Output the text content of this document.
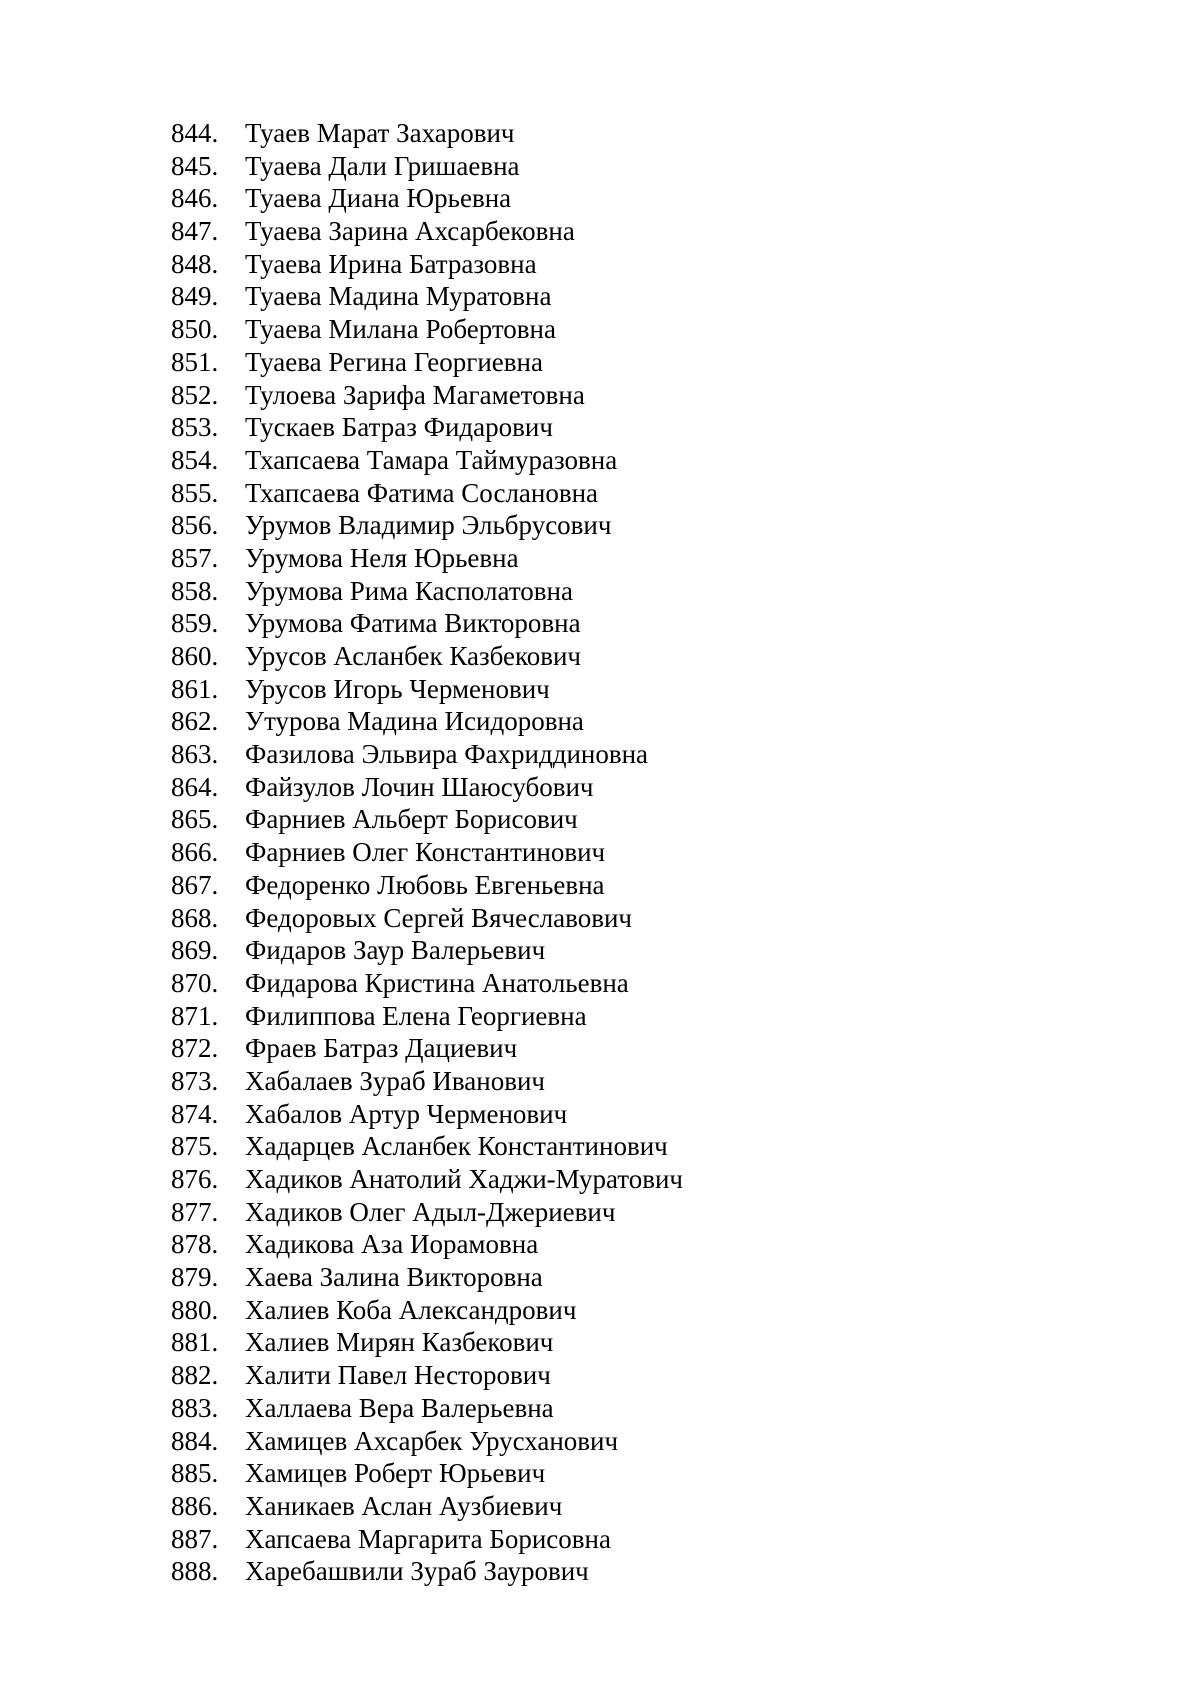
844. Туаев Марат Захарович
845. Туаева Дали Гришаевна
846. Туаева Диана Юрьевна
847. Туаева Зарина Ахсарбековна
848. Туаева Ирина Батразовна
849. Туаева Мадина Муратовна
850. Туаева Милана Робертовна
851. Туаева Регина Георгиевна
852. Тулоева Зарифа Магаметовна
853. Тускаев Батраз Фидарович
854. Тхапсаева Тамара Таймуразовна
855. Тхапсаева Фатима Сослановна
856. Урумов Владимир Эльбрусович
857. Урумова Неля Юрьевна
858. Урумова Рима Касполатовна
859. Урумова Фатима Викторовна
860. Урусов Асланбек Казбекович
861. Урусов Игорь Черменович
862. Утурова Мадина Исидоровна
863. Фазилова Эльвира Фахриддиновна
864. Файзулов Лочин Шаюсубович
865. Фарниев Альберт Борисович
866. Фарниев Олег Константинович
867. Федоренко Любовь Евгеньевна
868. Федоровых Сергей Вячеславович
869. Фидаров Заур Валерьевич
870. Фидарова Кристина Анатольевна
871. Филиппова Елена Георгиевна
872. Фраев Батраз Дациевич
873. Хабалаев Зураб Иванович
874. Хабалов Артур Черменович
875. Хадарцев Асланбек Константинович
876. Хадиков Анатолий Хаджи-Муратович
877. Хадиков Олег Адыл-Джериевич
878. Хадикова Аза Иорамовна
879. Хаева Залина Викторовна
880. Халиев Коба Александрович
881. Халиев Мирян Казбекович
882. Халити Павел Несторович
883. Халлаева Вера Валерьевна
884. Хамицев Ахсарбек Урусханович
885. Хамицев Роберт Юрьевич
886. Ханикаев Аслан Аузбиевич
887. Хапсаева Маргарита Борисовна
888. Харебашвили Зураб Заурович
